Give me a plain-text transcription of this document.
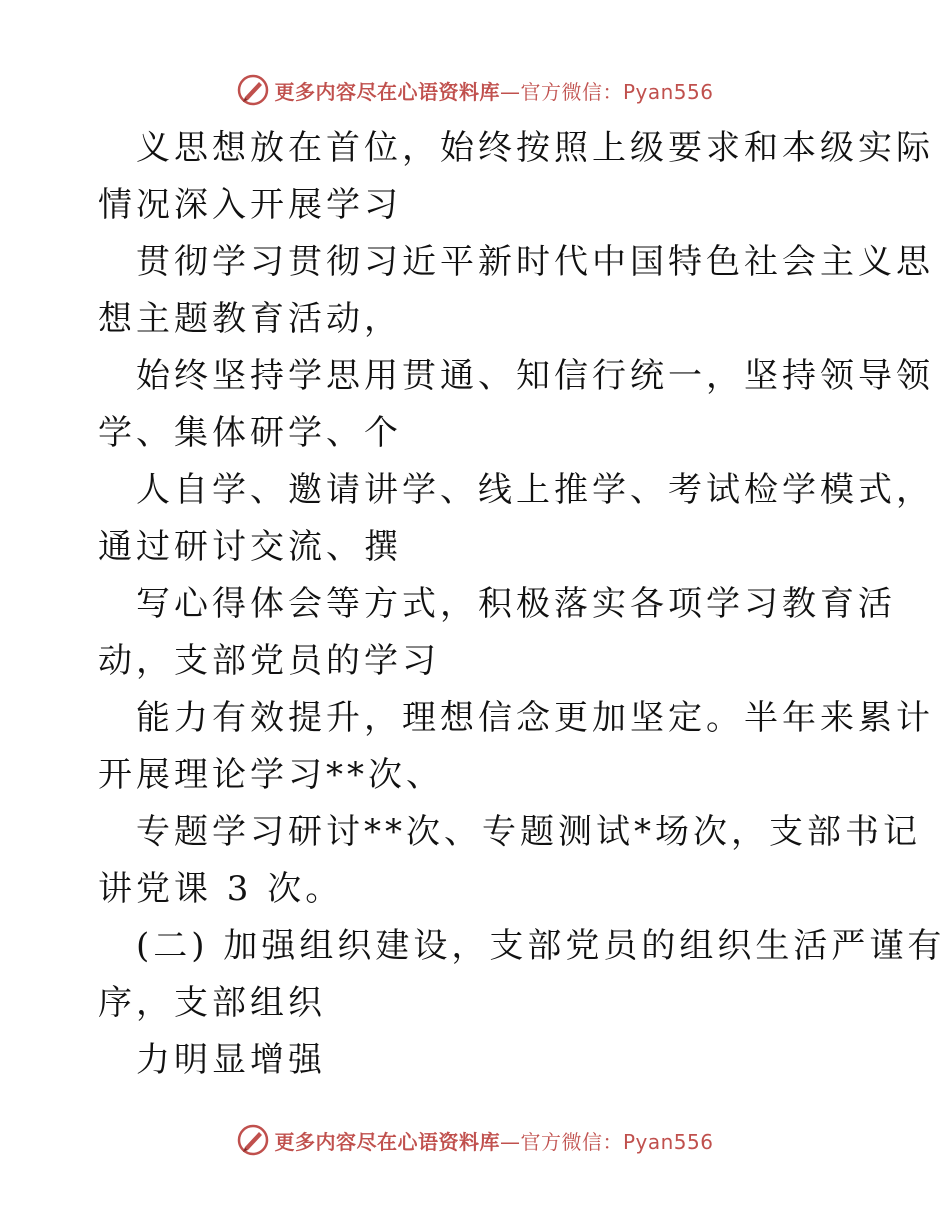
更多内容尽在心语资料库—官方微信：Pyan556

义思想放在首位，始终按照上级要求和本级实际
情况深入开展学习

贯彻学习贯彻习近平新时代中国特色社会主义思
想主题教育活动，

始终坚持学思用贯通、知信行统一，坚持领导领
学、集体研学、个

人自学、邀请讲学、线上推学、考试检学模式，
通过研讨交流、撰

写心得体会等方式，积极落实各项学习教育活
动，支部党员的学习

能力有效提升，理想信念更加坚定。半年来累计
开展理论学习**次、

专题学习研讨**次、专题测试*场次，支部书记
讲党课 3 次。

(二) 加强组织建设，支部党员的组织生活严谨有
序，支部组织

力明显增强

更多内容尽在心语资料库—官方微信：Pyan556
